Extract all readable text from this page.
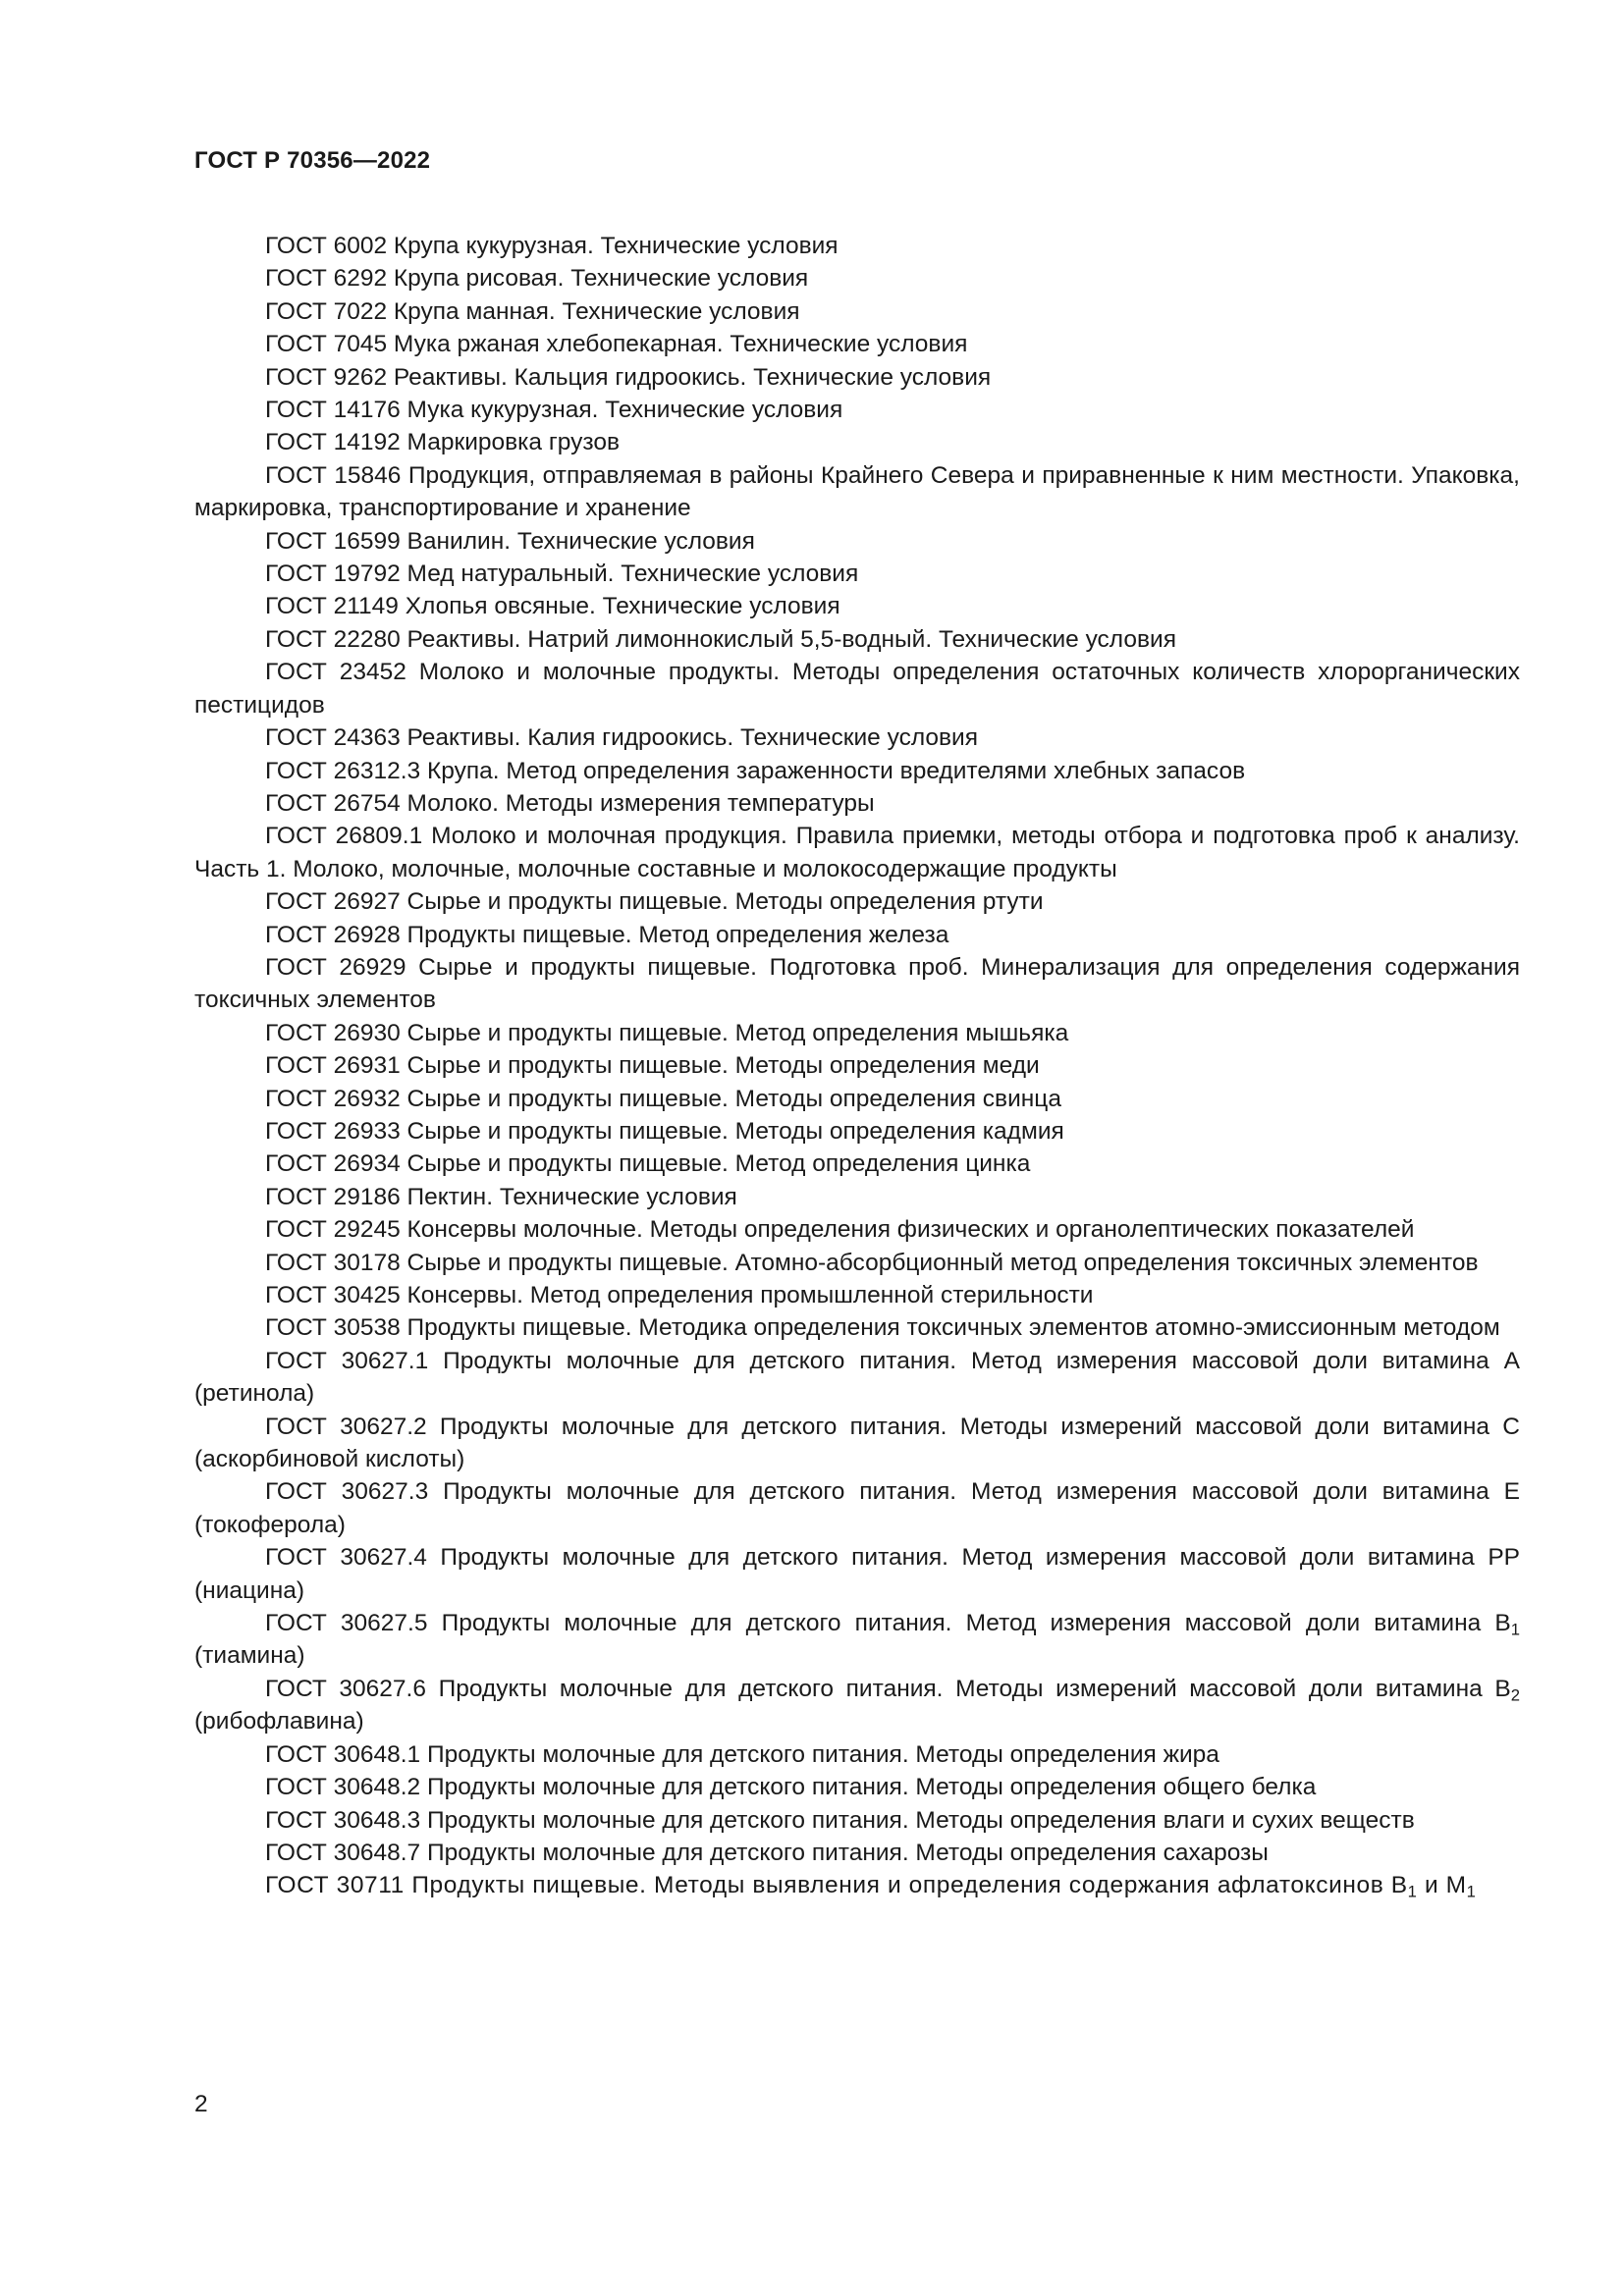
ГОСТ Р 70356—2022
ГОСТ 6002 Крупа кукурузная. Технические условия
ГОСТ 6292 Крупа рисовая. Технические условия
ГОСТ 7022 Крупа манная. Технические условия
ГОСТ 7045 Мука ржаная хлебопекарная. Технические условия
ГОСТ 9262 Реактивы. Кальция гидроокись. Технические условия
ГОСТ 14176 Мука кукурузная. Технические условия
ГОСТ 14192 Маркировка грузов
ГОСТ 15846 Продукция, отправляемая в районы Крайнего Севера и приравненные к ним местности. Упаковка, маркировка, транспортирование и хранение
ГОСТ 16599 Ванилин. Технические условия
ГОСТ 19792 Мед натуральный. Технические условия
ГОСТ 21149 Хлопья овсяные. Технические условия
ГОСТ 22280 Реактивы. Натрий лимоннокислый 5,5-водный. Технические условия
ГОСТ 23452 Молоко и молочные продукты. Методы определения остаточных количеств хлорорганических пестицидов
ГОСТ 24363 Реактивы. Калия гидроокись. Технические условия
ГОСТ 26312.3 Крупа. Метод определения зараженности вредителями хлебных запасов
ГОСТ 26754 Молоко. Методы измерения температуры
ГОСТ 26809.1 Молоко и молочная продукция. Правила приемки, методы отбора и подготовка проб к анализу. Часть 1. Молоко, молочные, молочные составные и молокосодержащие продукты
ГОСТ 26927 Сырье и продукты пищевые. Методы определения ртути
ГОСТ 26928 Продукты пищевые. Метод определения железа
ГОСТ 26929 Сырье и продукты пищевые. Подготовка проб. Минерализация для определения содержания токсичных элементов
ГОСТ 26930 Сырье и продукты пищевые. Метод определения мышьяка
ГОСТ 26931 Сырье и продукты пищевые. Методы определения меди
ГОСТ 26932 Сырье и продукты пищевые. Методы определения свинца
ГОСТ 26933 Сырье и продукты пищевые. Методы определения кадмия
ГОСТ 26934 Сырье и продукты пищевые. Метод определения цинка
ГОСТ 29186 Пектин. Технические условия
ГОСТ 29245 Консервы молочные. Методы определения физических и органолептических показателей
ГОСТ 30178 Сырье и продукты пищевые. Атомно-абсорбционный метод определения токсичных элементов
ГОСТ 30425 Консервы. Метод определения промышленной стерильности
ГОСТ 30538 Продукты пищевые. Методика определения токсичных элементов атомно-эмиссионным методом
ГОСТ 30627.1 Продукты молочные для детского питания. Метод измерения массовой доли витамина А (ретинола)
ГОСТ 30627.2 Продукты молочные для детского питания. Методы измерений массовой доли витамина С (аскорбиновой кислоты)
ГОСТ 30627.3 Продукты молочные для детского питания. Метод измерения массовой доли витамина Е (токоферола)
ГОСТ 30627.4 Продукты молочные для детского питания. Метод измерения массовой доли витамина РР (ниацина)
ГОСТ 30627.5 Продукты молочные для детского питания. Метод измерения массовой доли витамина $В_1$ (тиамина)
ГОСТ 30627.6 Продукты молочные для детского питания. Методы измерений массовой доли витамина $В_2$ (рибофлавина)
ГОСТ 30648.1 Продукты молочные для детского питания. Методы определения жира
ГОСТ 30648.2 Продукты молочные для детского питания. Методы определения общего белка
ГОСТ 30648.3 Продукты молочные для детского питания. Методы определения влаги и сухих веществ
ГОСТ 30648.7 Продукты молочные для детского питания. Методы определения сахарозы
ГОСТ 30711 Продукты пищевые. Методы выявления и определения содержания афлатоксинов $В_1$ и $М_1$
2
